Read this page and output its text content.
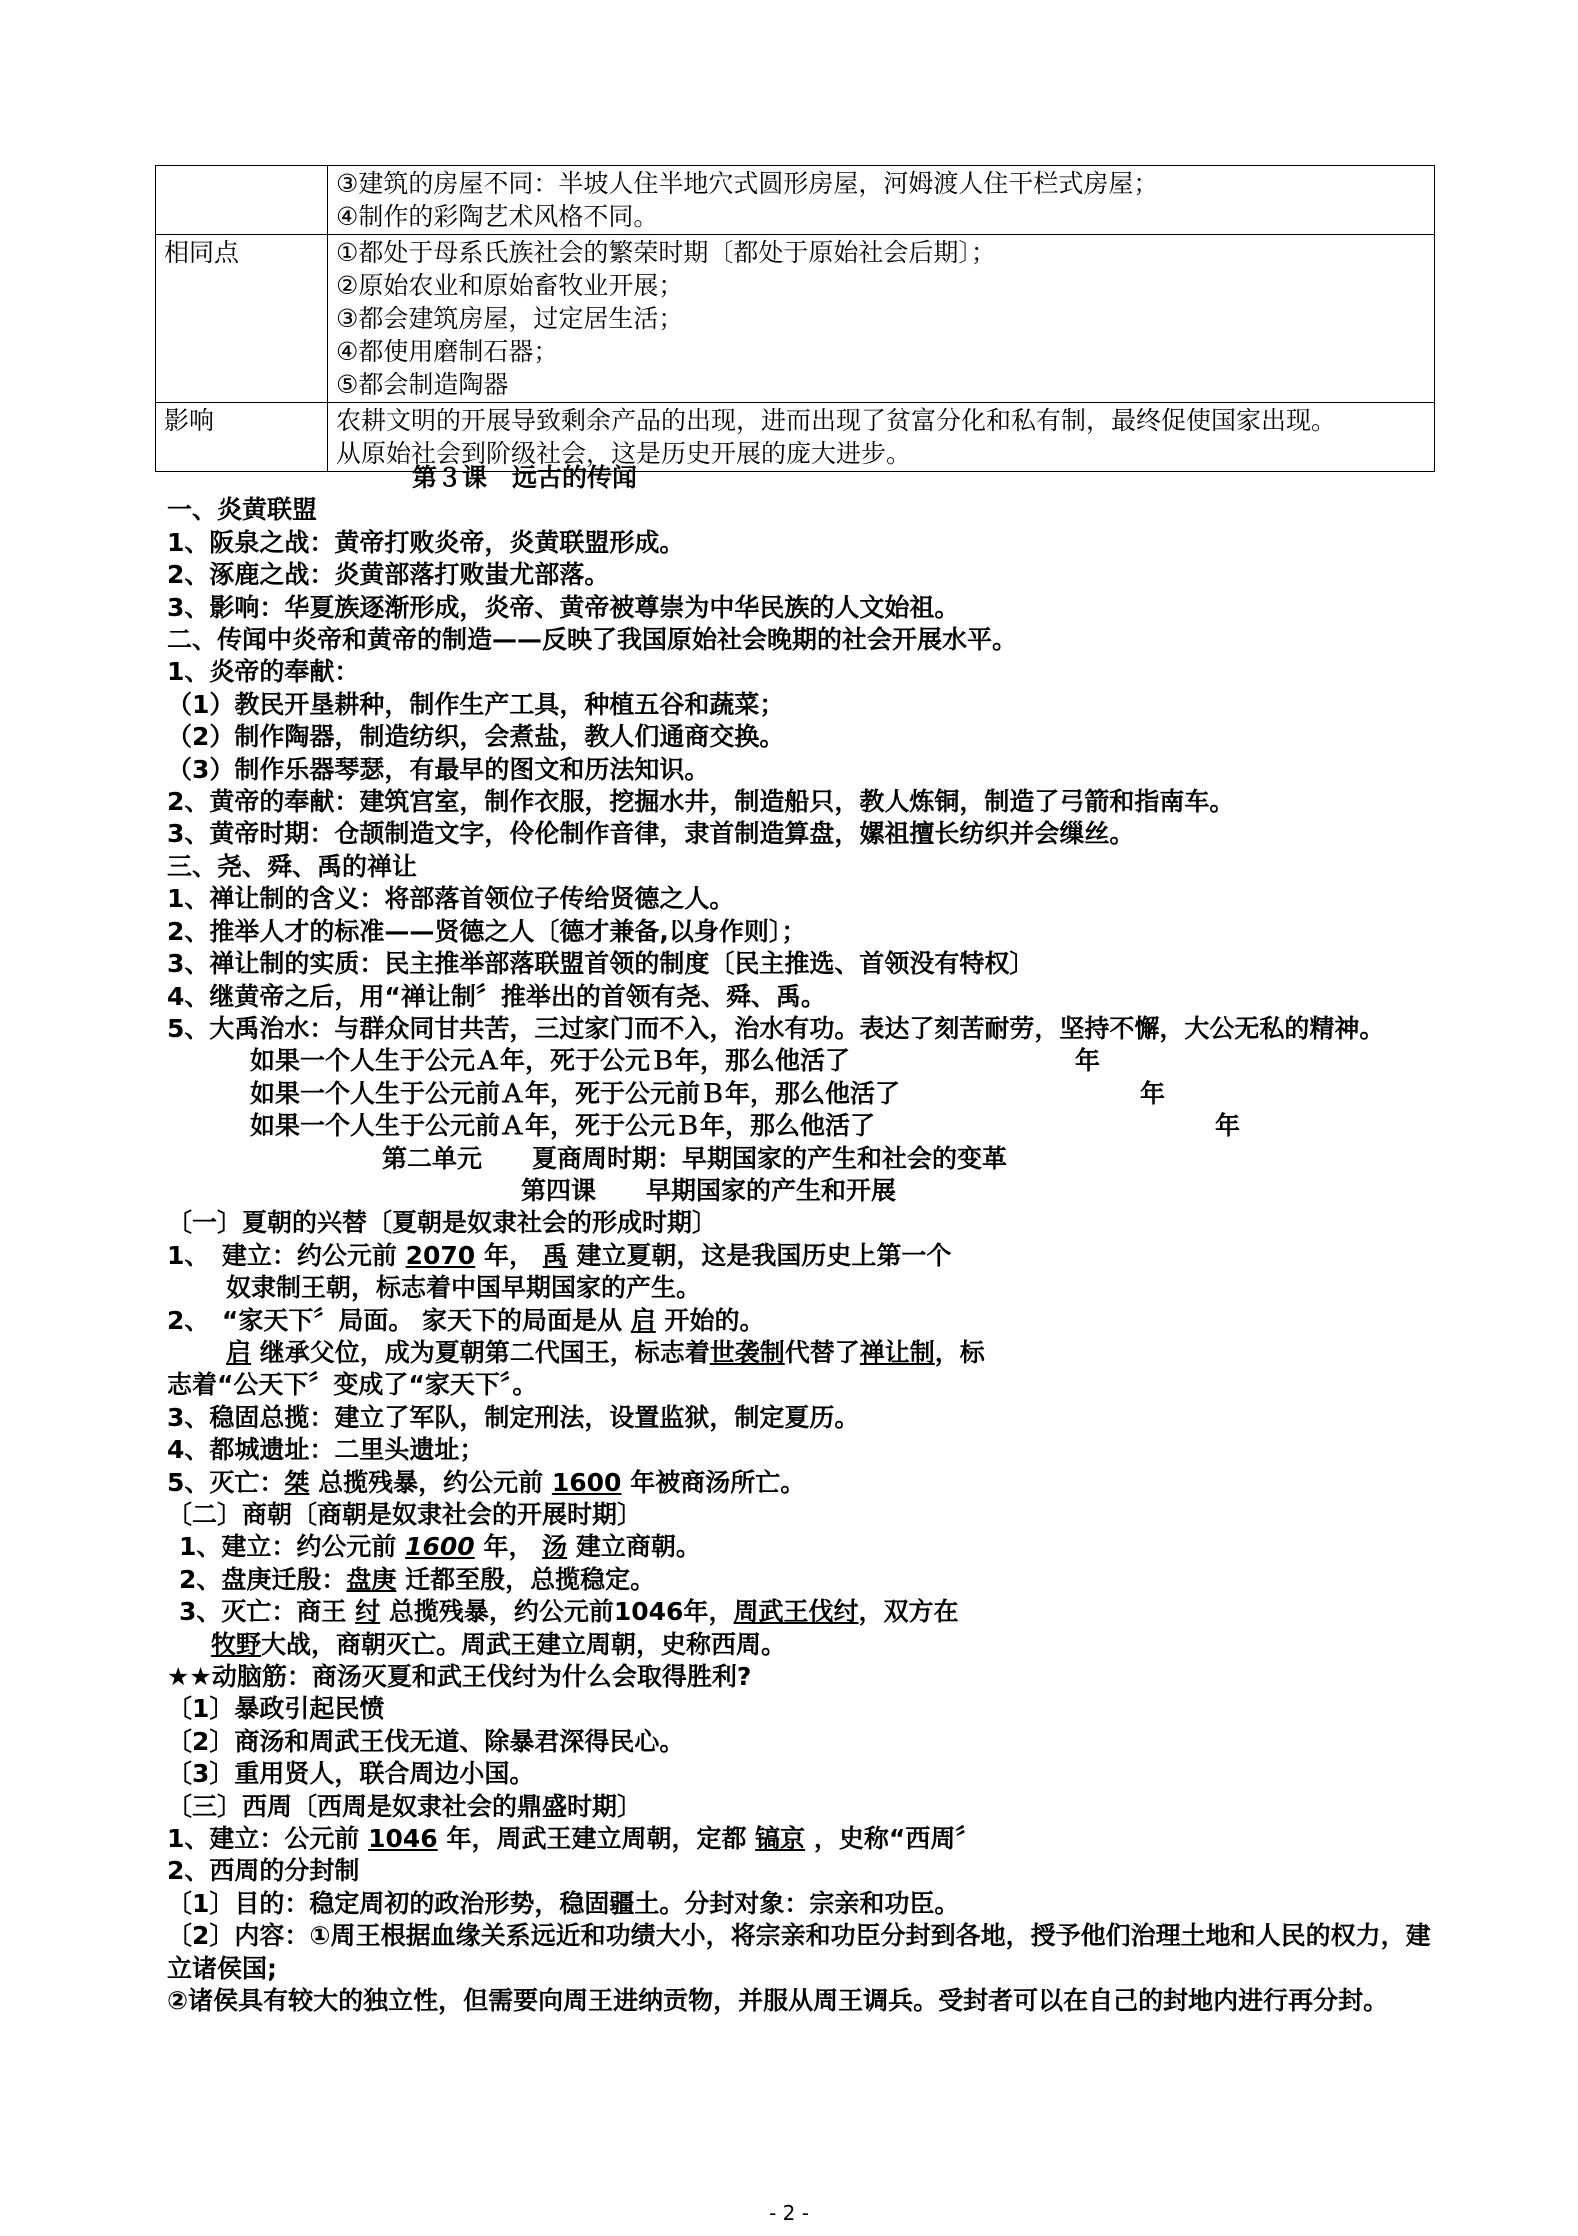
	③建筑的房屋不同：半坡人住半地穴式圆形房屋，河姆渡人住干栏式房屋；
④制作的彩陶艺术风格不同。

相同点	①都处于母系氏族社会的繁荣时期〔都处于原始社会后期〕；
②原始农业和原始畜牧业开展；
③都会建筑房屋，过定居生活；
④都使用磨制石器；
⑤都会制造陶器

影响	农耕文明的开展导致剩余产品的出现，进而出现了贫富分化和私有制，最终促使国家出现。
从原始社会到阶级社会，这是历史开展的庞大进步。
第３课　远古的传闻
一、炎黄联盟
1、阪泉之战：黄帝打败炎帝，炎黄联盟形成。
2、涿鹿之战：炎黄部落打败蚩尤部落。
3、影响：华夏族逐渐形成，炎帝、黄帝被尊崇为中华民族的人文始祖。
二、传闻中炎帝和黄帝的制造——反映了我国原始社会晚期的社会开展水平。
1、炎帝的奉献：
（1）教民开垦耕种，制作生产工具，种植五谷和蔬菜；
（2）制作陶器，制造纺织，会煮盐，教人们通商交换。
（3）制作乐器琴瑟，有最早的图文和历法知识。
2、黄帝的奉献：建筑宫室，制作衣服，挖掘水井，制造船只，教人炼铜，制造了弓箭和指南车。
3、黄帝时期：仓颉制造文字，伶伦制作音律，隶首制造算盘，嫘祖擅长纺织并会缫丝。
三、尧、舜、禹的禅让
1、禅让制的含义：将部落首领位子传给贤德之人。
2、推举人才的标准——贤德之人〔德才兼备,以身作则〕；
3、禅让制的实质：民主推举部落联盟首领的制度〔民主推选、首领没有特权〕
4、继黄帝之后，用“禅让制〞推举出的首领有尧、舜、禹。
5、大禹治水：与群众同甘共苦，三过家门而不入，治水有功。表达了刻苦耐劳，坚持不懈，大公无私的精神。
如果一个人生于公元Ａ年，死于公元Ｂ年，那么他活了	年
如果一个人生于公元前Ａ年，死于公元前Ｂ年，那么他活了	年
如果一个人生于公元前Ａ年，死于公元Ｂ年，那么他活了	年
第二单元　　夏商周时期：早期国家的产生和社会的变革
第四课　　早期国家的产生和开展
〔一〕夏朝的兴替〔夏朝是奴隶社会的形成时期〕
1、　建立：约公元前 2070 年， 禹 建立夏朝，这是我国历史上第一个
奴隶制王朝，标志着中国早期国家的产生。
2、　“家天下〞局面。 家天下的局面是从 启 开始的。
启 继承父位，成为夏朝第二代国王，标志着世袭制代替了禅让制，标
志着“公天下〞变成了“家天下〞。
3、稳固总揽：建立了军队，制定刑法，设置监狱，制定夏历。
4、都城遗址：二里头遗址；
5、灭亡：桀 总揽残暴，约公元前 1600 年被商汤所亡。
〔二〕商朝〔商朝是奴隶社会的开展时期〕
1、建立：约公元前 1600 年， 汤 建立商朝。
2、盘庚迁殷：盘庚 迁都至殷，总揽稳定。
3、灭亡：商王 纣 总揽残暴，约公元前1046年，周武王伐纣，双方在
牧野大战，商朝灭亡。周武王建立周朝，史称西周。
★★动脑筋：商汤灭夏和武王伐纣为什么会取得胜利?
〔1〕暴政引起民愤
〔2〕商汤和周武王伐无道、除暴君深得民心。
〔3〕重用贤人，联合周边小国。
〔三〕西周〔西周是奴隶社会的鼎盛时期〕
1、建立：公元前 1046 年，周武王建立周朝，定都 镐京 ，史称“西周〞
2、西周的分封制
〔1〕目的：稳定周初的政治形势，稳固疆土。分封对象：宗亲和功臣。
〔2〕内容：①周王根据血缘关系远近和功绩大小，将宗亲和功臣分封到各地，授予他们治理土地和人民的权力，建立诸侯国;
②诸侯具有较大的独立性，但需要向周王进纳贡物，并服从周王调兵。受封者可以在自己的封地内进行再分封。
- 2 -
